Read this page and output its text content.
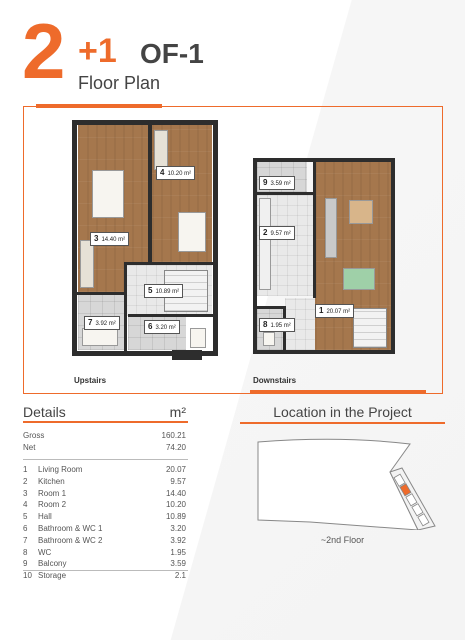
2 +1 OF-1
Floor Plan
3 14.40 m²
4 10.20 m²
5 10.89 m²
6 3.20 m²
7 3.92 m²
Upstairs
9 3.59 m²
2 9.57 m²
1 20.07 m²
8 1.95 m²
Downstairs
Details	m²
Gross	160.21
Net	74.20
1	Living Room	20.07
2	Kitchen	9.57
3	Room 1	14.40
4	Room 2	10.20
5	Hall	10.89
6	Bathroom & WC 1	3.20
7	Bathroom & WC 2	3.92
8	WC	1.95
9	Balcony	3.59
10 Storage	2.1
Location in the Project
~2nd Floor
